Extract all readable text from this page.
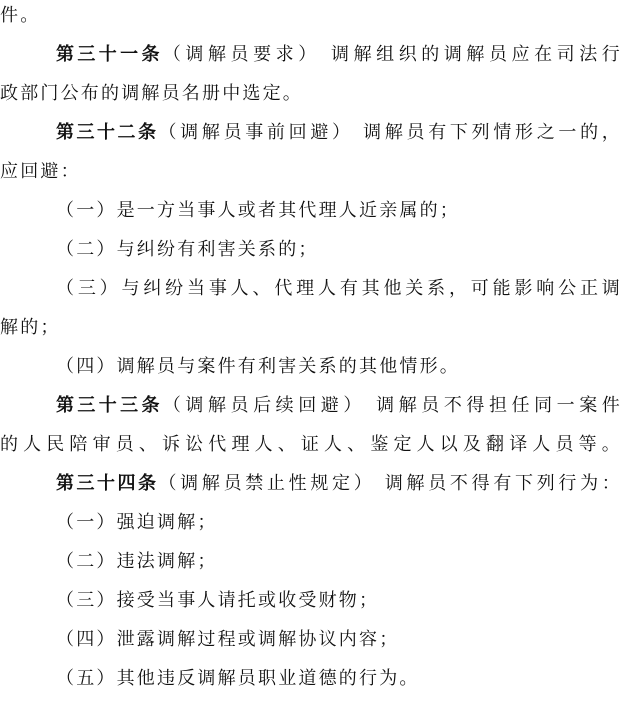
件。
第三十一条（调解员要求） 调解组织的调解员应在司法行
政部门公布的调解员名册中选定。
第三十二条（调解员事前回避） 调解员有下列情形之一的，
应回避：
（一）是一方当事人或者其代理人近亲属的；
（二）与纠纷有利害关系的；
（三）与纠纷当事人、代理人有其他关系，可能影响公正调
解的；
（四）调解员与案件有利害关系的其他情形。
第三十三条（调解员后续回避） 调解员不得担任同一案件
的人民陪审员、诉讼代理人、证人、鉴定人以及翻译人员等。
第三十四条（调解员禁止性规定） 调解员不得有下列行为：
（一）强迫调解；
（二）违法调解；
（三）接受当事人请托或收受财物；
（四）泄露调解过程或调解协议内容；
（五）其他违反调解员职业道德的行为。
